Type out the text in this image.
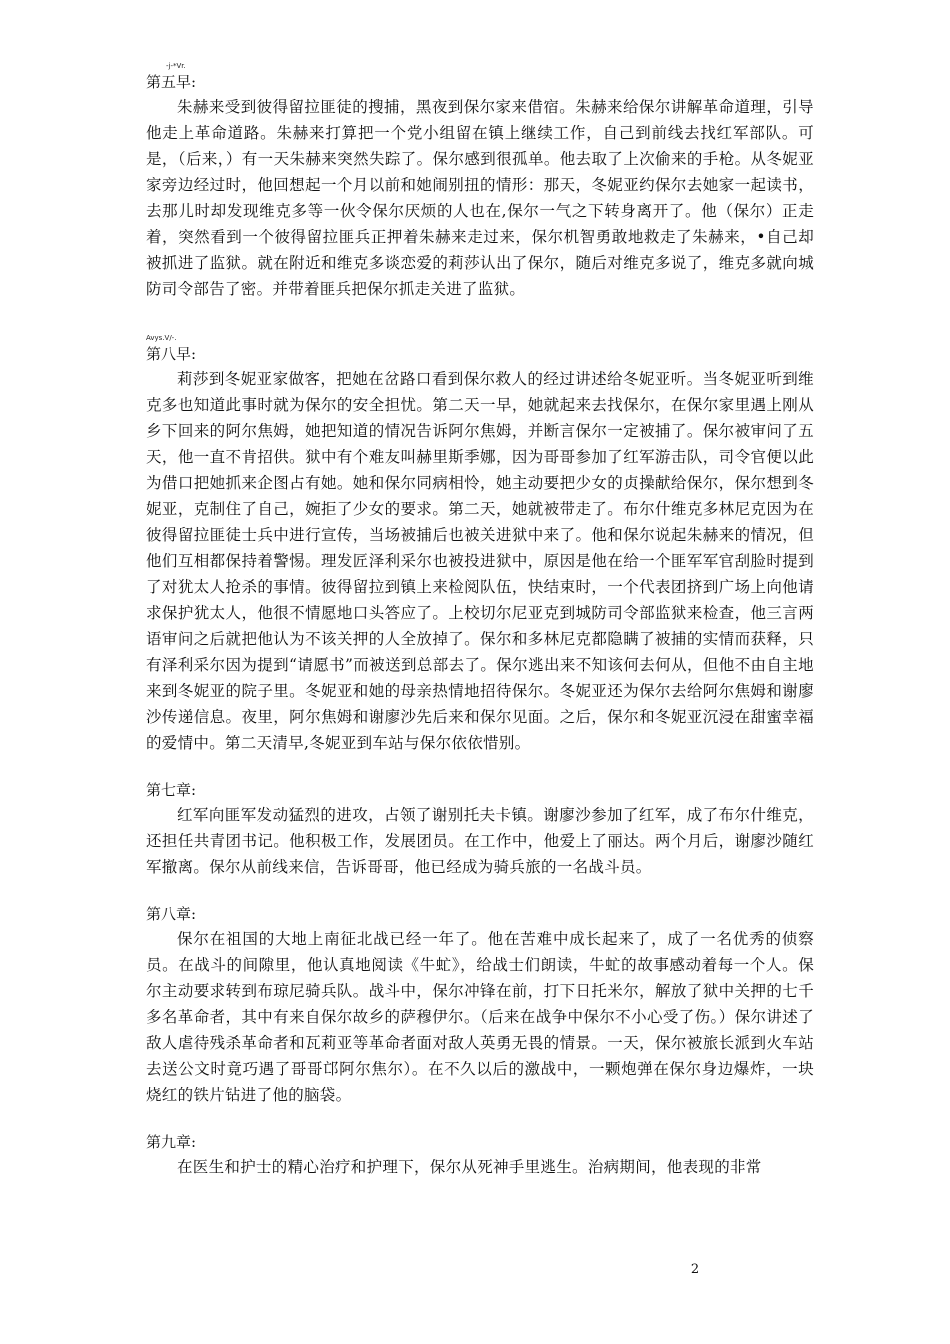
-j-*Vr.

第五早:

朱赫来受到彼得留拉匪徒的搜捕，黑夜到保尔家来借宿。朱赫来给保尔讲解革命道理，引导他走上革命道路。朱赫来打算把一个党小组留在镇上继续工作，自己到前线去找红军部队。可是，（后来，）有一天朱赫来突然失踪了。保尔感到很孤单。他去取了上次偷来的手枪。从冬妮亚家旁边经过时，他回想起一个月以前和她闹别扭的情形：那天，冬妮亚约保尔去她家一起读书，去那儿时却发现维克多等一伙令保尔厌烦的人也在,保尔一气之下转身离开了。他（保尔）正走着，突然看到一个彼得留拉匪兵正押着朱赫来走过来，保尔机智勇敢地救走了朱赫来，•自己却被抓进了监狱。就在附近和维克多谈恋爱的莉莎认出了保尔，随后对维克多说了，维克多就向城防司令部告了密。并带着匪兵把保尔抓走关进了监狱。

Avys.V/-.

第八早:

莉莎到冬妮亚家做客，把她在岔路口看到保尔救人的经过讲述给冬妮亚听。当冬妮亚听到维克多也知道此事时就为保尔的安全担忧。第二天一早，她就起来去找保尔，在保尔家里遇上刚从乡下回来的阿尔焦姆，她把知道的情况告诉阿尔焦姆，并断言保尔一定被捕了。保尔被审问了五天，他一直不肯招供。狱中有个难友叫赫里斯季娜，因为哥哥参加了红军游击队，司令官便以此为借口把她抓来企图占有她。她和保尔同病相怜，她主动要把少女的贞操献给保尔，保尔想到冬妮亚，克制住了自己，婉拒了少女的要求。第二天，她就被带走了。布尔什维克多林尼克因为在彼得留拉匪徒士兵中进行宣传，当场被捕后也被关进狱中来了。他和保尔说起朱赫来的情况，但他们互相都保持着警惕。理发匠泽利采尔也被投进狱中，原因是他在给一个匪军军官刮脸时提到了对犹太人抢杀的事情。彼得留拉到镇上来检阅队伍，快结束时，一个代表团挤到广场上向他请求保护犹太人，他很不情愿地口头答应了。上校切尔尼亚克到城防司令部监狱来检查，他三言两语审问之后就把他认为不该关押的人全放掉了。保尔和多林尼克都隐瞒了被捕的实情而获释，只有泽利采尔因为提到“请愿书”而被送到总部去了。保尔逃出来不知该何去何从，但他不由自主地来到冬妮亚的院子里。冬妮亚和她的母亲热情地招待保尔。冬妮亚还为保尔去给阿尔焦姆和谢廖沙传递信息。夜里，阿尔焦姆和谢廖沙先后来和保尔见面。之后，保尔和冬妮亚沉浸在甜蜜幸福的爱情中。第二天清早,冬妮亚到车站与保尔依依惜别。

第七章:

红军向匪军发动猛烈的进攻，占领了谢别托夫卡镇。谢廖沙参加了红军，成了布尔什维克，还担任共青团书记。他积极工作，发展团员。在工作中，他爱上了丽达。两个月后，谢廖沙随红军撤离。保尔从前线来信，告诉哥哥，他已经成为骑兵旅的一名战斗员。

第八章:

保尔在祖国的大地上南征北战已经一年了。他在苦难中成长起来了，成了一名优秀的侦察员。在战斗的间隙里，他认真地阅读《牛虻》，给战士们朗读，牛虻的故事感动着每一个人。保尔主动要求转到布琼尼骑兵队。战斗中，保尔冲锋在前，打下日托米尔，解放了狱中关押的七千多名革命者，其中有来自保尔故乡的萨穆伊尔。（后来在战争中保尔不小心受了伤。）保尔讲述了敌人虐待残杀革命者和瓦莉亚等革命者面对敌人英勇无畏的情景。一天，保尔被旅长派到火车站去送公文时竟巧遇了哥哥邙阿尔焦尔）。在不久以后的激战中，一颗炮弹在保尔身边爆炸，一块烧红的铁片钻进了他的脑袋。

第九章:

在医生和护士的精心治疗和护理下，保尔从死神手里逃生。治病期间，他表现的非常

2
